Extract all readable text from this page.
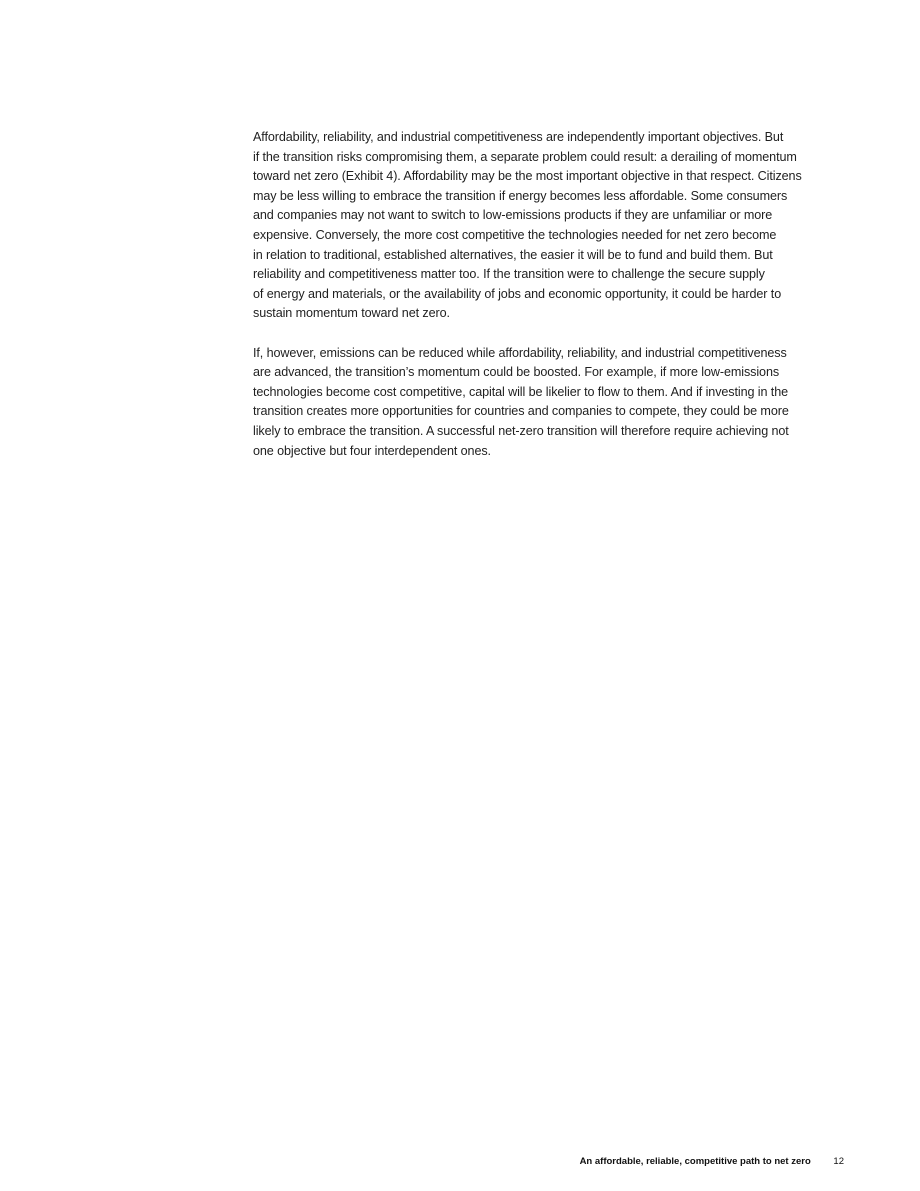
Affordability, reliability, and industrial competitiveness are independently important objectives. But
if the transition risks compromising them, a separate problem could result: a derailing of momentum
toward net zero (Exhibit 4). Affordability may be the most important objective in that respect. Citizens
may be less willing to embrace the transition if energy becomes less affordable. Some consumers
and companies may not want to switch to low-emissions products if they are unfamiliar or more
expensive. Conversely, the more cost competitive the technologies needed for net zero become
in relation to traditional, established alternatives, the easier it will be to fund and build them. But
reliability and competitiveness matter too. If the transition were to challenge the secure supply
of energy and materials, or the availability of jobs and economic opportunity, it could be harder to
sustain momentum toward net zero.

If, however, emissions can be reduced while affordability, reliability, and industrial competitiveness
are advanced, the transition’s momentum could be boosted. For example, if more low-emissions
technologies become cost competitive, capital will be likelier to flow to them. And if investing in the
transition creates more opportunities for countries and companies to compete, they could be more
likely to embrace the transition. A successful net-zero transition will therefore require achieving not
one objective but four interdependent ones.

An affordable, reliable, competitive path to net zero 12
